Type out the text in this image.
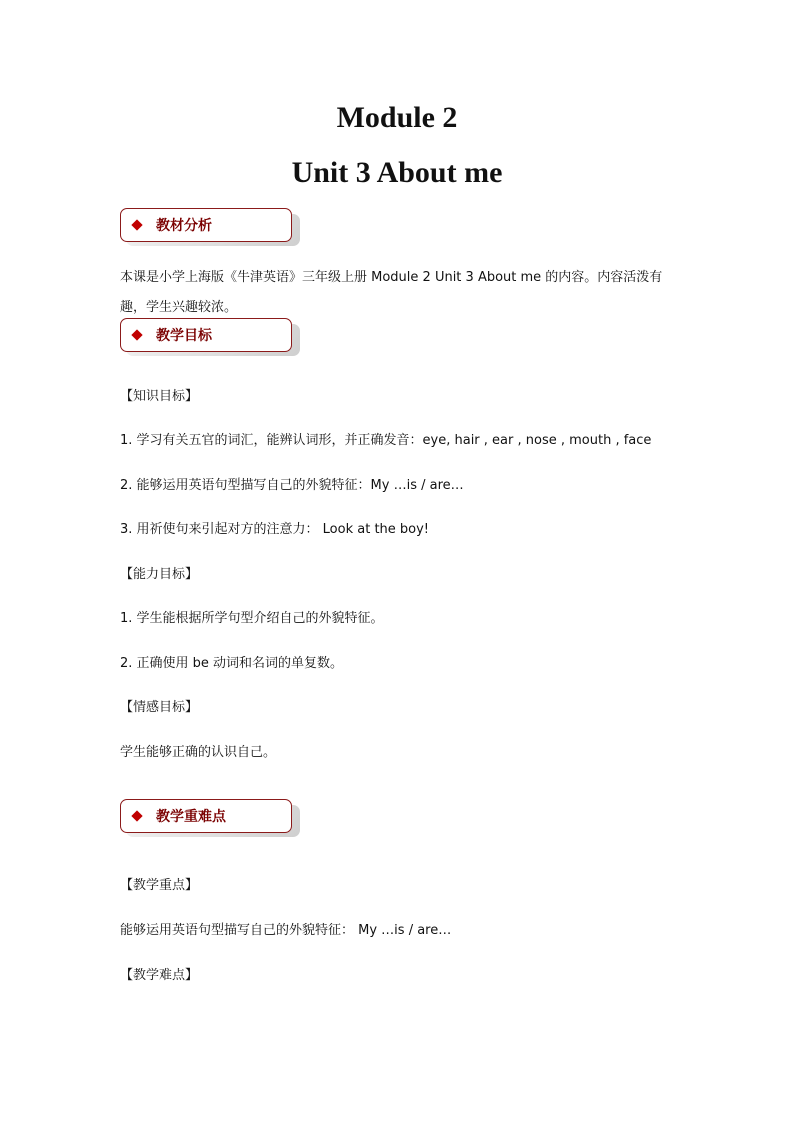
Module 2
Unit 3 About me
教材分析

本课是小学上海版《牛津英语》三年级上册 Module 2 Unit 3 About me 的内容。内容活泼有趣，学生兴趣较浓。

教学目标

【知识目标】

1. 学习有关五官的词汇，能辨认词形，并正确发音：eye, hair , ear , nose , mouth , face

2. 能够运用英语句型描写自己的外貌特征：My …is / are…

3. 用祈使句来引起对方的注意力： Look at the boy!

【能力目标】

1. 学生能根据所学句型介绍自己的外貌特征。

2. 正确使用 be 动词和名词的单复数。

【情感目标】

学生能够正确的认识自己。

教学重难点

【教学重点】

能够运用英语句型描写自己的外貌特征： My …is / are…

【教学难点】
